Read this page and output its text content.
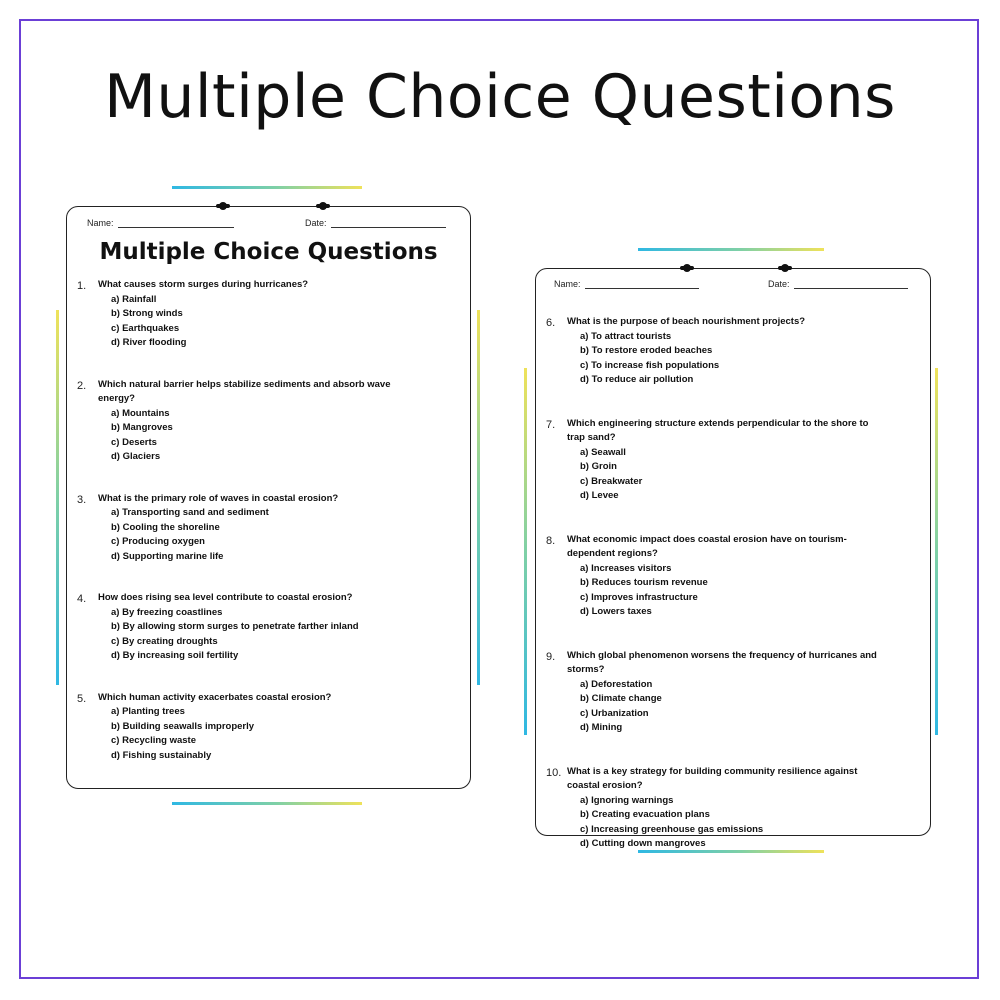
Multiple Choice Questions
Name:	Date:
Multiple Choice Questions
1. What causes storm surges during hurricanes?
a) Rainfall
b) Strong winds
c) Earthquakes
d) River flooding
2. Which natural barrier helps stabilize sediments and absorb wave energy?
a) Mountains
b) Mangroves
c) Deserts
d) Glaciers
3. What is the primary role of waves in coastal erosion?
a) Transporting sand and sediment
b) Cooling the shoreline
c) Producing oxygen
d) Supporting marine life
4. How does rising sea level contribute to coastal erosion?
a) By freezing coastlines
b) By allowing storm surges to penetrate farther inland
c) By creating droughts
d) By increasing soil fertility
5. Which human activity exacerbates coastal erosion?
a) Planting trees
b) Building seawalls improperly
c) Recycling waste
d) Fishing sustainably
Name:	Date:
6. What is the purpose of beach nourishment projects?
a) To attract tourists
b) To restore eroded beaches
c) To increase fish populations
d) To reduce air pollution
7. Which engineering structure extends perpendicular to the shore to trap sand?
a) Seawall
b) Groin
c) Breakwater
d) Levee
8. What economic impact does coastal erosion have on tourism-dependent regions?
a) Increases visitors
b) Reduces tourism revenue
c) Improves infrastructure
d) Lowers taxes
9. Which global phenomenon worsens the frequency of hurricanes and storms?
a) Deforestation
b) Climate change
c) Urbanization
d) Mining
10. What is a key strategy for building community resilience against coastal erosion?
a) Ignoring warnings
b) Creating evacuation plans
c) Increasing greenhouse gas emissions
d) Cutting down mangroves
